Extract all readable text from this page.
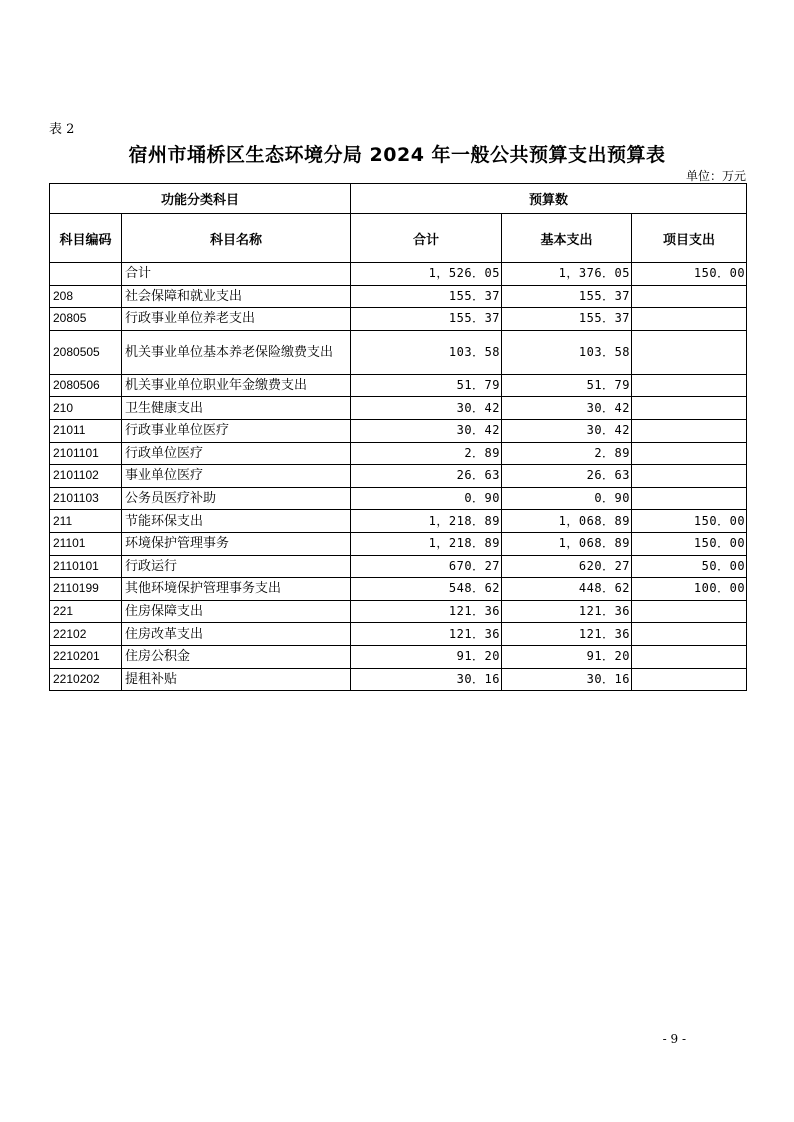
表 2
宿州市埇桥区生态环境分局 2024 年一般公共预算支出预算表
单位：万元
功能分类科目		预算数		
科目编码	科目名称	合计	基本支出	项目支出
	合计	1，526．05	1，376．05	150．00
208	社会保障和就业支出	155．37	155．37	
20805	行政事业单位养老支出	155．37	155．37	
2080505	机关事业单位基本养老保险缴费支出	103．58	103．58	
2080506	机关事业单位职业年金缴费支出	51．79	51．79	
210	卫生健康支出	30．42	30．42	
21011	行政事业单位医疗	30．42	30．42	
2101101	行政单位医疗	2．89	2．89	
2101102	事业单位医疗	26．63	26．63	
2101103	公务员医疗补助	0．90	0．90	
211	节能环保支出	1，218．89	1，068．89	150．00
21101	环境保护管理事务	1，218．89	1，068．89	150．00
2110101	行政运行	670．27	620．27	50．00
2110199	其他环境保护管理事务支出	548．62	448．62	100．00
221	住房保障支出	121．36	121．36	
22102	住房改革支出	121．36	121．36	
2210201	住房公积金	91．20	91．20	
2210202	提租补贴	30．16	30．16	
- 9 -
